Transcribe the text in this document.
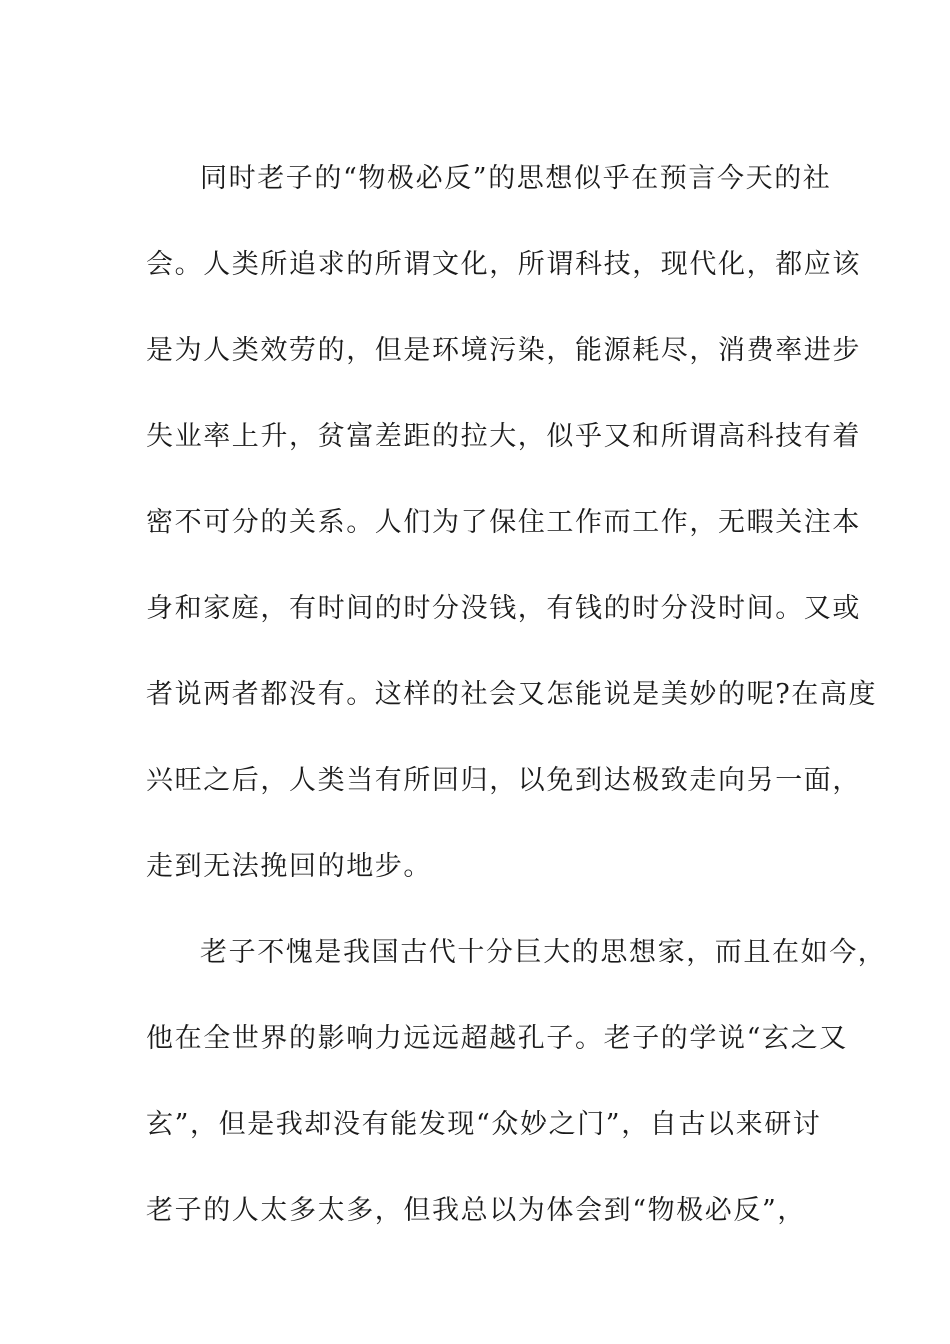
同时老子的“物极必反”的思想似乎在预言今天的社
会。人类所追求的所谓文化，所谓科技，现代化，都应该
是为人类效劳的，但是环境污染，能源耗尽，消费率进步
失业率上升，贫富差距的拉大，似乎又和所谓高科技有着
密不可分的关系。人们为了保住工作而工作，无暇关注本
身和家庭，有时间的时分没钱，有钱的时分没时间。又或
者说两者都没有。这样的社会又怎能说是美妙的呢?在高度
兴旺之后，人类当有所回归，以免到达极致走向另一面，
走到无法挽回的地步。
老子不愧是我国古代十分巨大的思想家，而且在如今，
他在全世界的影响力远远超越孔子。老子的学说“玄之又
玄”，但是我却没有能发现“众妙之门”，自古以来研讨
老子的人太多太多，但我总以为体会到“物极必反”，
